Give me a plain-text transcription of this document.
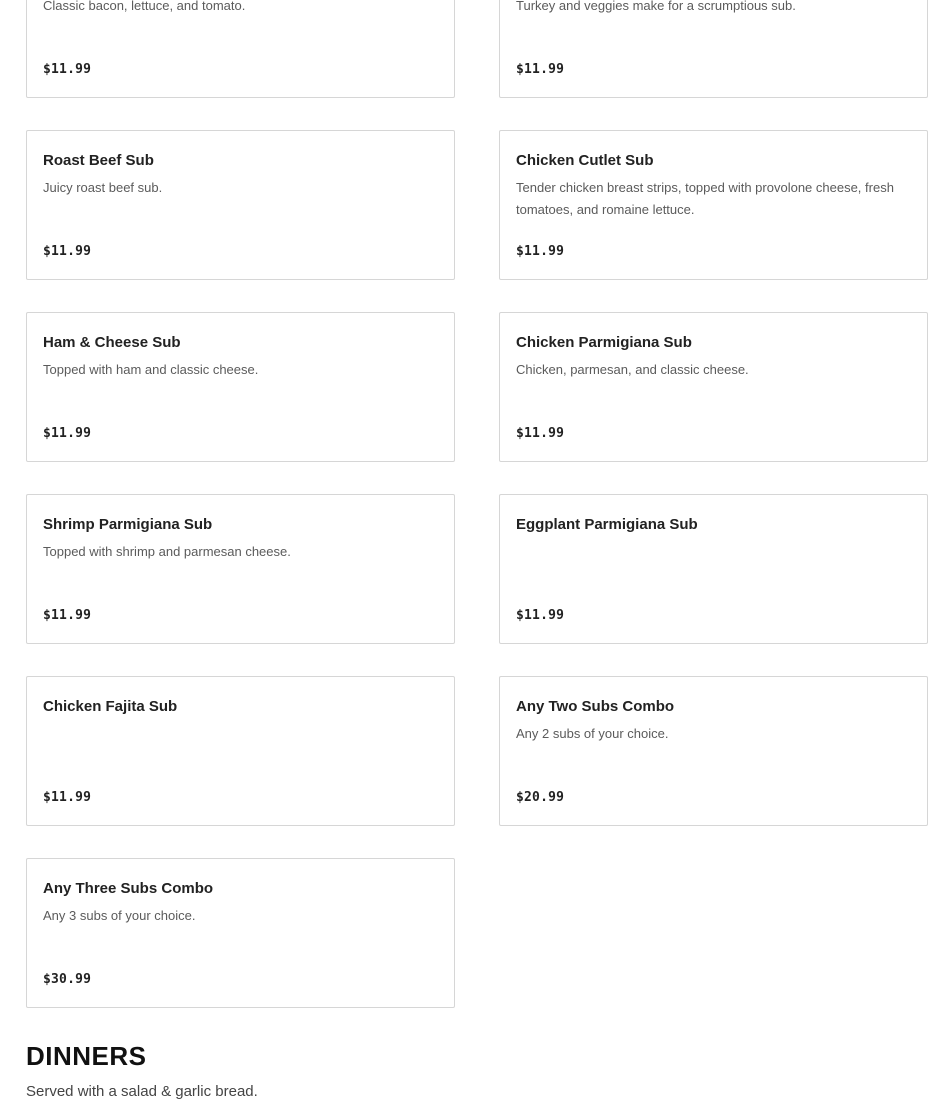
Classic bacon, lettuce, and tomato.
$11.99
Turkey and veggies make for a scrumptious sub.
$11.99
Roast Beef Sub
Juicy roast beef sub.
$11.99
Chicken Cutlet Sub
Tender chicken breast strips, topped with provolone cheese, fresh tomatoes, and romaine lettuce.
$11.99
Ham & Cheese Sub
Topped with ham and classic cheese.
$11.99
Chicken Parmigiana Sub
Chicken, parmesan, and classic cheese.
$11.99
Shrimp Parmigiana Sub
Topped with shrimp and parmesan cheese.
$11.99
Eggplant Parmigiana Sub
$11.99
Chicken Fajita Sub
$11.99
Any Two Subs Combo
Any 2 subs of your choice.
$20.99
Any Three Subs Combo
Any 3 subs of your choice.
$30.99
DINNERS

Served with a salad & garlic bread.
